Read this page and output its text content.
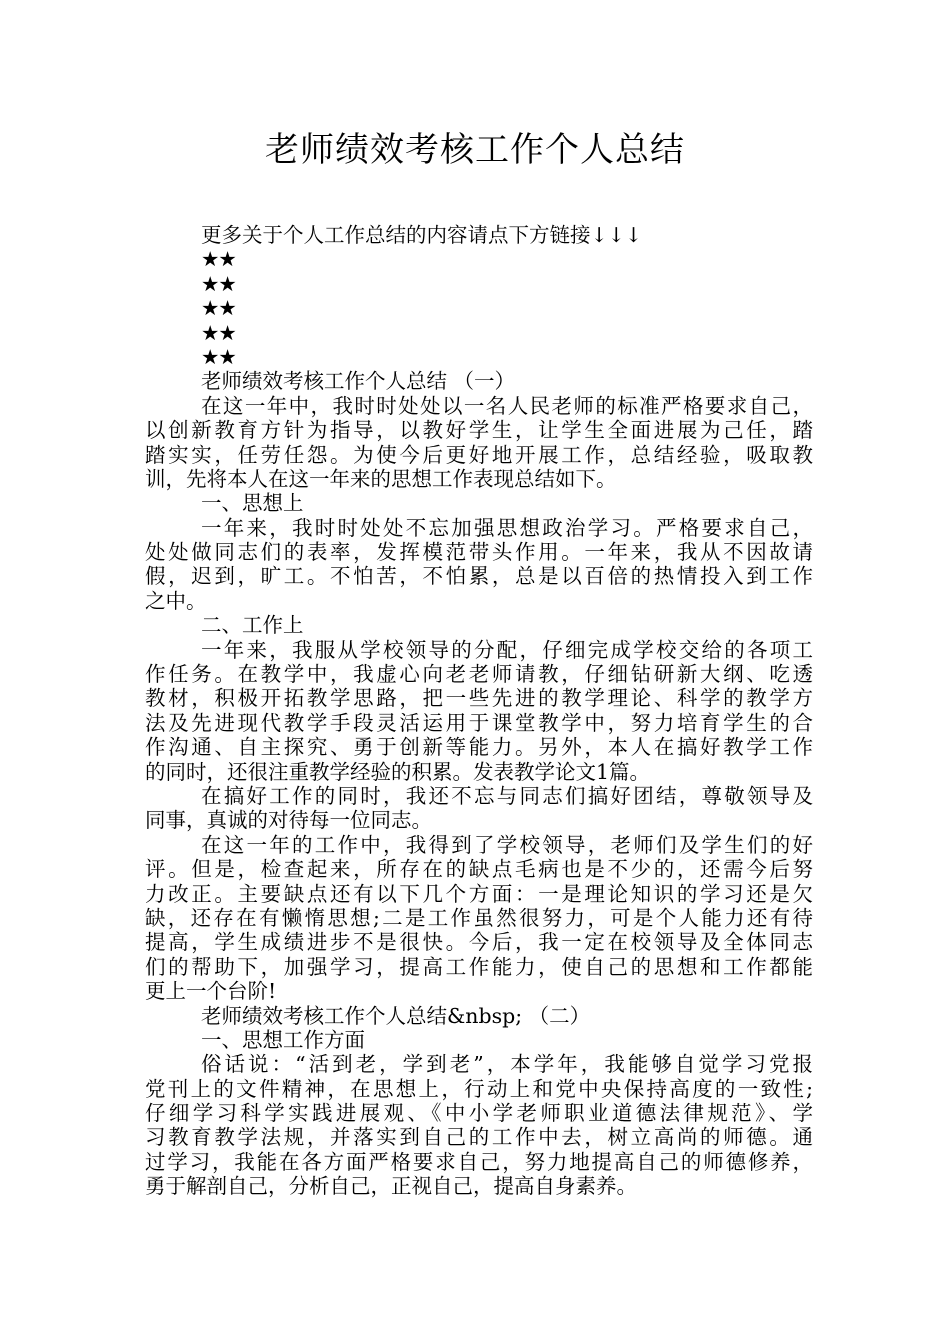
老师绩效考核工作个人总结

更多关于个人工作总结的内容请点下方链接↓↓↓

★★

★★

★★

★★

★★

老师绩效考核工作个人总结 （一）

在这一年中，我时时处处以一名人民老师的标准严格要求自己，

以创新教育方针为指导，以教好学生，让学生全面进展为己任，踏

踏实实，任劳任怨。为使今后更好地开展工作，总结经验，吸取教

训，先将本人在这一年来的思想工作表现总结如下。

一、思想上

一年来，我时时处处不忘加强思想政治学习。严格要求自己，

处处做同志们的表率，发挥模范带头作用。一年来，我从不因故请

假，迟到，旷工。不怕苦，不怕累，总是以百倍的热情投入到工作

之中。

二、工作上

一年来，我服从学校领导的分配，仔细完成学校交给的各项工

作任务。在教学中，我虚心向老老师请教，仔细钻研新大纲、吃透

教材，积极开拓教学思路，把一些先进的教学理论、科学的教学方

法及先进现代教学手段灵活运用于课堂教学中，努力培育学生的合

作沟通、自主探究、勇于创新等能力。另外，本人在搞好教学工作

的同时，还很注重教学经验的积累。发表教学论文1篇。

在搞好工作的同时，我还不忘与同志们搞好团结，尊敬领导及

同事，真诚的对待每一位同志。

在这一年的工作中，我得到了学校领导，老师们及学生们的好

评。但是，检查起来，所存在的缺点毛病也是不少的，还需今后努

力改正。主要缺点还有以下几个方面：一是理论知识的学习还是欠

缺，还存在有懒惰思想;二是工作虽然很努力，可是个人能力还有待

提高，学生成绩进步不是很快。今后，我一定在校领导及全体同志

们的帮助下，加强学习，提高工作能力，使自己的思想和工作都能

更上一个台阶!

老师绩效考核工作个人总结&nbsp; （二）

一、思想工作方面

俗话说：“活到老，学到老”，本学年，我能够自觉学习党报

党刊上的文件精神，在思想上，行动上和党中央保持高度的一致性;

仔细学习科学实践进展观、《中小学老师职业道德法律规范》、学

习教育教学法规，并落实到自己的工作中去，树立高尚的师德。通

过学习，我能在各方面严格要求自己，努力地提高自己的师德修养，

勇于解剖自己，分析自己，正视自己，提高自身素养。
